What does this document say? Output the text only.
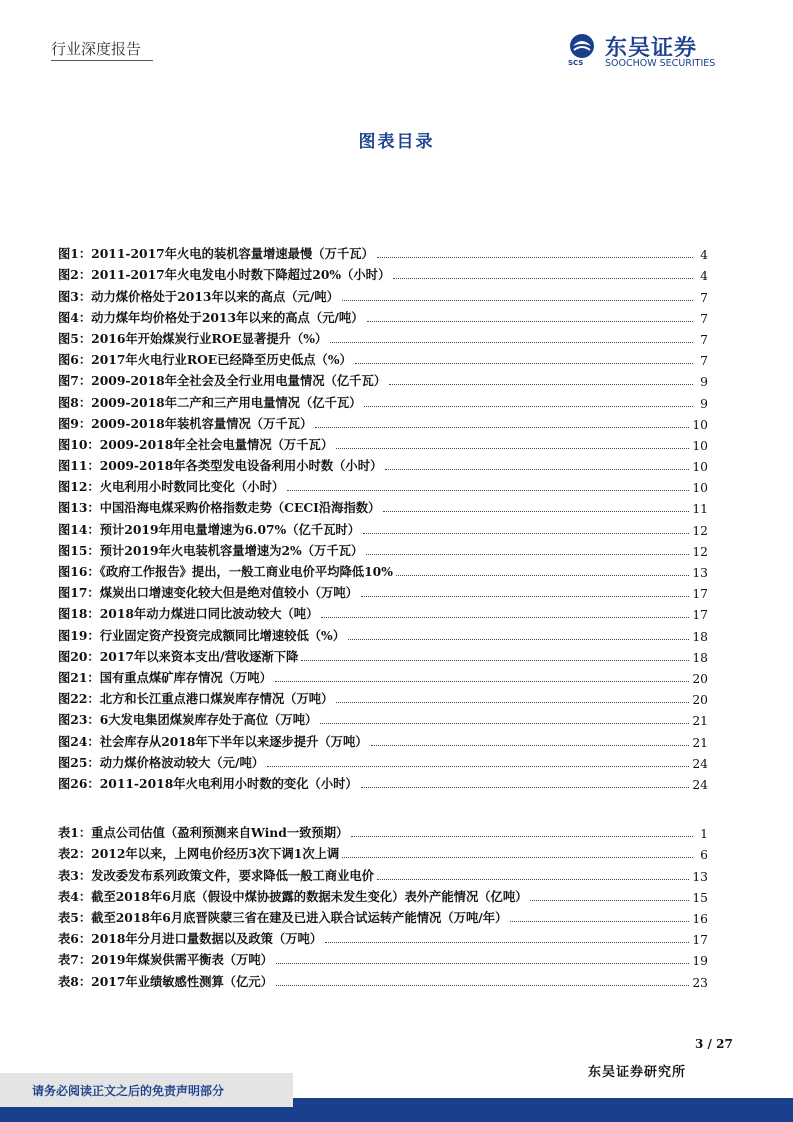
行业深度报告
SCS
东吴证券
SOOCHOW SECURITIES
图表目录
图1：2011-2017年火电的装机容量增速最慢（万千瓦）	4
图2：2011-2017年火电发电小时数下降超过20%（小时）	4
图3：动力煤价格处于2013年以来的高点（元/吨）	7
图4：动力煤年均价格处于2013年以来的高点（元/吨）	7
图5：2016年开始煤炭行业ROE显著提升（%）	7
图6：2017年火电行业ROE已经降至历史低点（%）	7
图7：2009-2018年全社会及全行业用电量情况（亿千瓦）	9
图8：2009-2018年二产和三产用电量情况（亿千瓦）	9
图9：2009-2018年装机容量情况（万千瓦）	10
图10：2009-2018年全社会电量情况（万千瓦）	10
图11：2009-2018年各类型发电设备利用小时数（小时）	10
图12：火电利用小时数同比变化（小时）	10
图13：中国沿海电煤采购价格指数走势（CECI沿海指数）	11
图14：预计2019年用电量增速为6.07%（亿千瓦时）	12
图15：预计2019年火电装机容量增速为2%（万千瓦）	12
图16：《政府工作报告》提出，一般工商业电价平均降低10%	13
图17：煤炭出口增速变化较大但是绝对值较小（万吨）	17
图18：2018年动力煤进口同比波动较大（吨）	17
图19：行业固定资产投资完成额同比增速较低（%）	18
图20：2017年以来资本支出/营收逐渐下降	18
图21：国有重点煤矿库存情况（万吨）	20
图22：北方和长江重点港口煤炭库存情况（万吨）	20
图23：6大发电集团煤炭库存处于高位（万吨）	21
图24：社会库存从2018年下半年以来逐步提升（万吨）	21
图25：动力煤价格波动较大（元/吨）	24
图26：2011-2018年火电利用小时数的变化（小时）	24
表1：重点公司估值（盈利预测来自Wind一致预期）	1
表2：2012年以来，上网电价经历3次下调1次上调	6
表3：发改委发布系列政策文件，要求降低一般工商业电价	13
表4：截至2018年6月底（假设中煤协披露的数据未发生变化）表外产能情况（亿吨）	15
表5：截至2018年6月底晋陕蒙三省在建及已进入联合试运转产能情况（万吨/年）	16
表6：2018年分月进口量数据以及政策（万吨）	17
表7：2019年煤炭供需平衡表（万吨）	19
表8：2017年业绩敏感性测算（亿元）	23
3 / 27
东吴证券研究所
请务必阅读正文之后的免责声明部分
